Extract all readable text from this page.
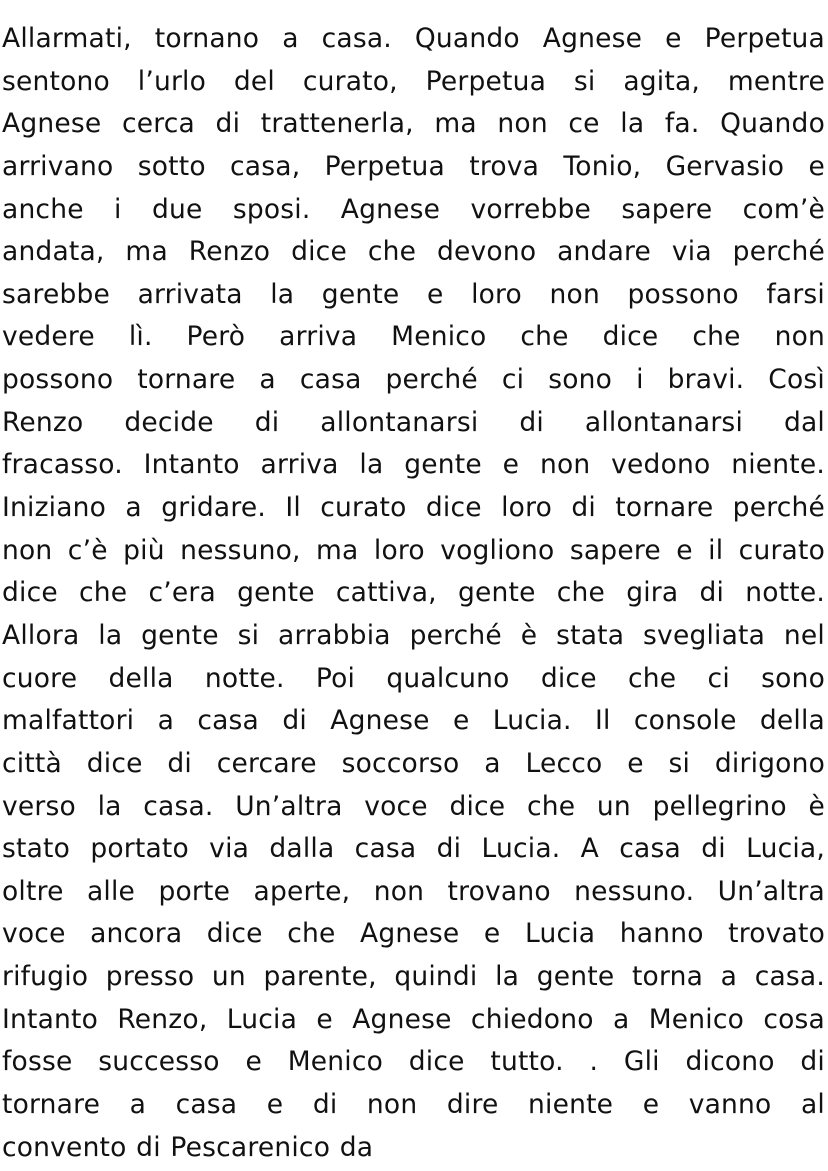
Allarmati, tornano a casa. Quando Agnese e Perpetua
sentono l’urlo del curato, Perpetua si agita, mentre
Agnese cerca di trattenerla, ma non ce la fa. Quando
arrivano sotto casa, Perpetua trova Tonio, Gervasio e
anche i due sposi. Agnese vorrebbe sapere com’è
andata, ma Renzo dice che devono andare via perché
sarebbe arrivata la gente e loro non possono farsi
vedere lì. Però arriva Menico che dice che non
possono tornare a casa perché ci sono i bravi. Così
Renzo decide di allontanarsi di allontanarsi dal
fracasso. Intanto arriva la gente e non vedono niente.
Iniziano a gridare. Il curato dice loro di tornare perché
non c’è più nessuno, ma loro vogliono sapere e il curato
dice che c’era gente cattiva, gente che gira di notte.
Allora la gente si arrabbia perché è stata svegliata nel
cuore della notte. Poi qualcuno dice che ci sono
malfattori a casa di Agnese e Lucia. Il console della
città dice di cercare soccorso a Lecco e si dirigono
verso la casa. Un’altra voce dice che un pellegrino è
stato portato via dalla casa di Lucia. A casa di Lucia,
oltre alle porte aperte, non trovano nessuno. Un’altra
voce ancora dice che Agnese e Lucia hanno trovato
rifugio presso un parente, quindi la gente torna a casa.
Intanto Renzo, Lucia e Agnese chiedono a Menico cosa
fosse successo e Menico dice tutto. . Gli dicono di
tornare a casa e di non dire niente e vanno al
convento di Pescarenico da
